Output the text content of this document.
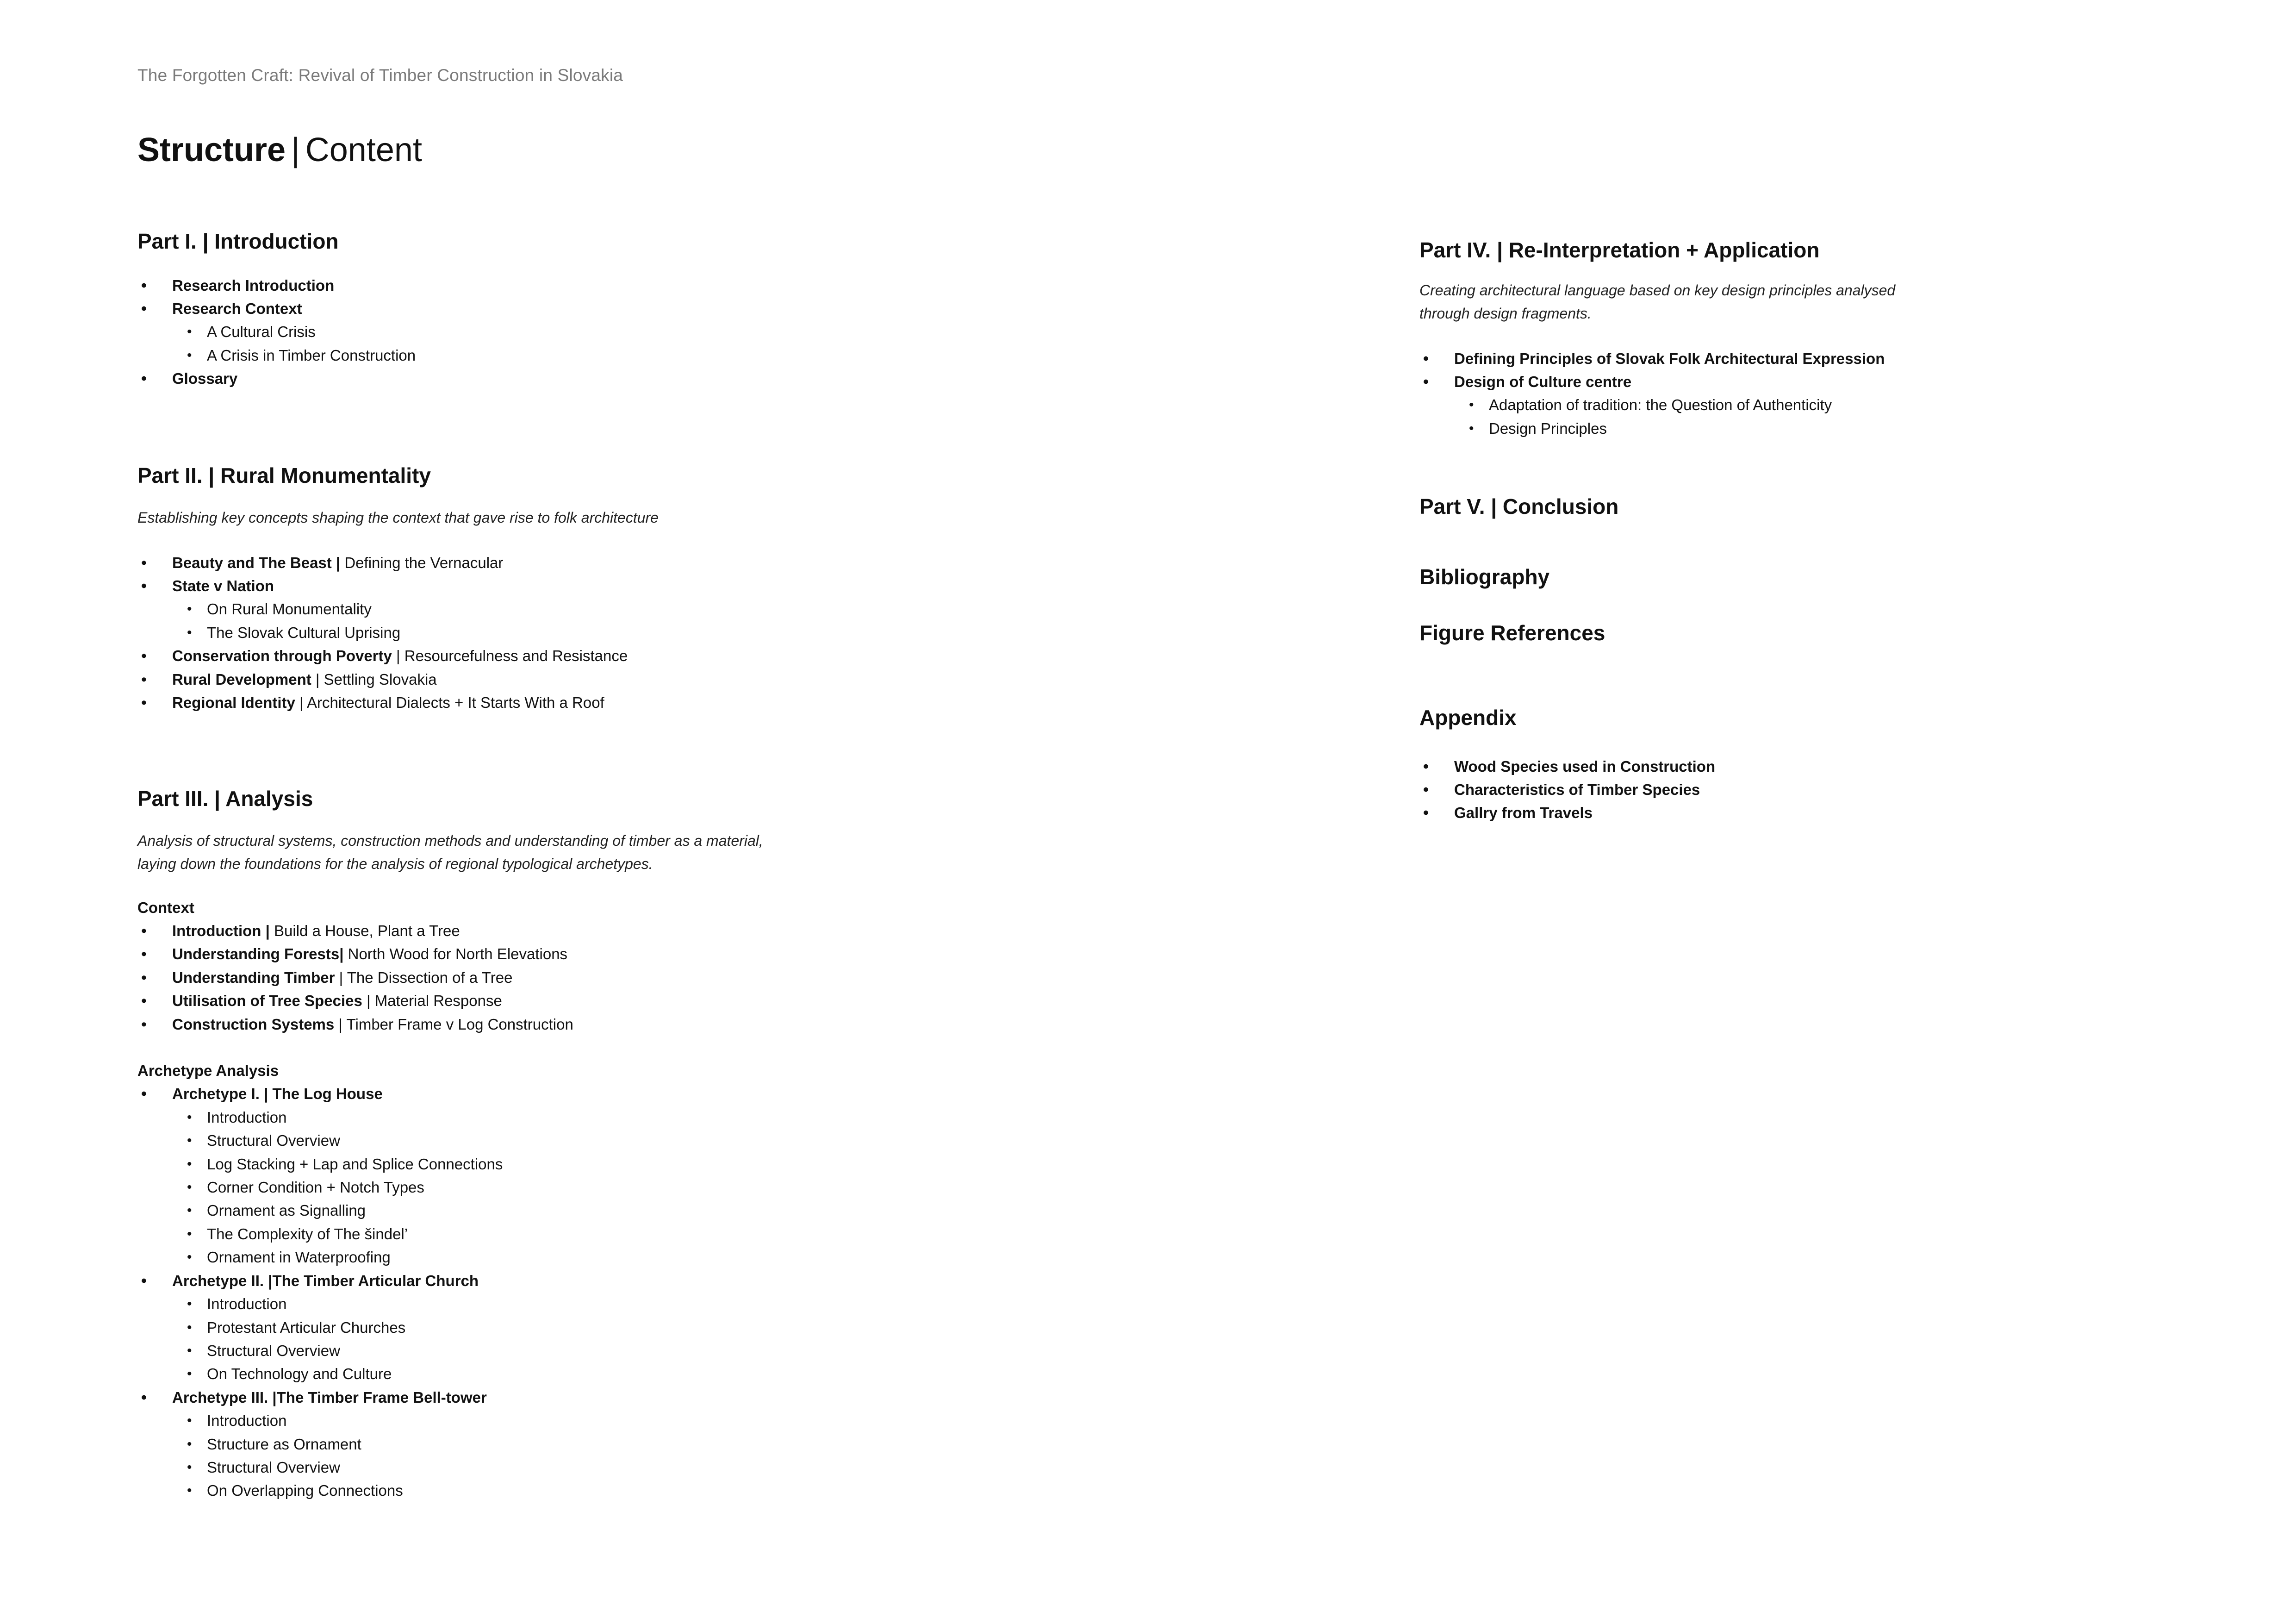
The Forgotten Craft: Revival of Timber Construction in Slovakia
Structure | Content
Part I. | Introduction
• Research Introduction
• Research Context
• A Cultural Crisis
• A Crisis in Timber Construction
• Glossary
Part II. | Rural Monumentality
Establishing key concepts shaping the context that gave rise to folk architecture
• Beauty and The Beast | Defining the Vernacular
• State v Nation
• On Rural Monumentality
• The Slovak Cultural Uprising
• Conservation through Poverty | Resourcefulness and Resistance
• Rural Development | Settling Slovakia
• Regional Identity | Architectural Dialects + It Starts With a Roof
Part III. | Analysis
Analysis of structural systems, construction methods and understanding of timber as a material,
laying down the foundations for the analysis of regional typological archetypes.
Context
• Introduction | Build a House, Plant a Tree
• Understanding Forests| North Wood for North Elevations
• Understanding Timber | The Dissection of a Tree
• Utilisation of Tree Species | Material Response
• Construction Systems | Timber Frame v Log Construction
Archetype Analysis
• Archetype I. | The Log House
• Introduction
• Structural Overview
• Log Stacking + Lap and Splice Connections
• Corner Condition + Notch Types
• Ornament as Signalling
• The Complexity of The šindel’
• Ornament in Waterproofing
• Archetype II. |The Timber Articular Church
• Introduction
• Protestant Articular Churches
• Structural Overview
• On Technology and Culture
• Archetype III. |The Timber Frame Bell-tower
• Introduction
• Structure as Ornament
• Structural Overview
• On Overlapping Connections
Part IV. | Re-Interpretation + Application
Creating architectural language based on key design principles analysed
through design fragments.
• Defining Principles of Slovak Folk Architectural Expression
• Design of Culture centre
• Adaptation of tradition: the Question of Authenticity
• Design Principles
Part V. | Conclusion
Bibliography
Figure References
Appendix
• Wood Species used in Construction
• Characteristics of Timber Species
• Gallry from Travels
